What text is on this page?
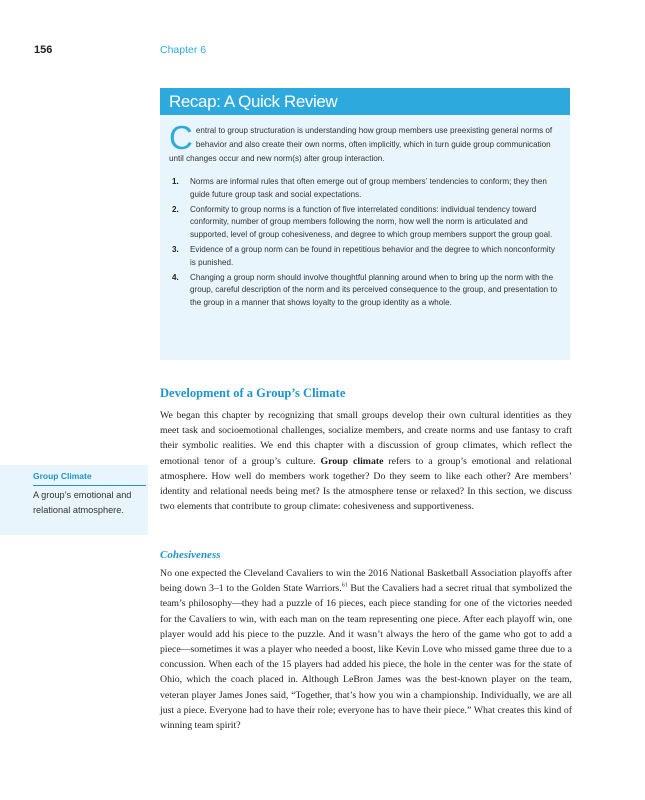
156	Chapter 6
Recap: A Quick Review
Central to group structuration is understanding how group members use preexisting general norms of behavior and also create their own norms, often implicitly, which in turn guide group communication until changes occur and new norm(s) alter group interaction.
1. Norms are informal rules that often emerge out of group members’ tendencies to conform; they then guide future group task and social expectations.
2. Conformity to group norms is a function of five interrelated conditions: individual tendency toward conformity, number of group members following the norm, how well the norm is articulated and supported, level of group cohesiveness, and degree to which group members support the group goal.
3. Evidence of a group norm can be found in repetitious behavior and the degree to which nonconformity is punished.
4. Changing a group norm should involve thoughtful planning around when to bring up the norm with the group, careful description of the norm and its perceived consequence to the group, and presentation to the group in a manner that shows loyalty to the group identity as a whole.
Development of a Group’s Climate

We began this chapter by recognizing that small groups develop their own cultural identities as they meet task and socioemotional challenges, socialize members, and create norms and use fantasy to craft their symbolic realities. We end this chapter with a discussion of group climates, which reflect the emotional tenor of a group’s culture. Group climate refers to a group’s emotional and relational atmosphere. How well do members work together? Do they seem to like each other? Are members’ identity and relational needs being met? Is the atmosphere tense or relaxed? In this section, we discuss two elements that contribute to group climate: cohesiveness and supportiveness.

Group Climate
A group’s emotional and relational atmosphere.
Cohesiveness

No one expected the Cleveland Cavaliers to win the 2016 National Basketball Association playoffs after being down 3–1 to the Golden State Warriors.$^{61}$ But the Cavaliers had a secret ritual that symbolized the team’s philosophy—they had a puzzle of 16 pieces, each piece standing for one of the victories needed for the Cavaliers to win, with each man on the team representing one piece. After each playoff win, one player would add his piece to the puzzle. And it wasn’t always the hero of the game who got to add a piece—sometimes it was a player who needed a boost, like Kevin Love who missed game three due to a concussion. When each of the 15 players had added his piece, the hole in the center was for the state of Ohio, which the coach placed in. Although LeBron James was the best-known player on the team, veteran player James Jones said, “Together, that’s how you win a championship. Individually, we are all just a piece. Everyone had to have their role; everyone has to have their piece.” What creates this kind of winning team spirit?
